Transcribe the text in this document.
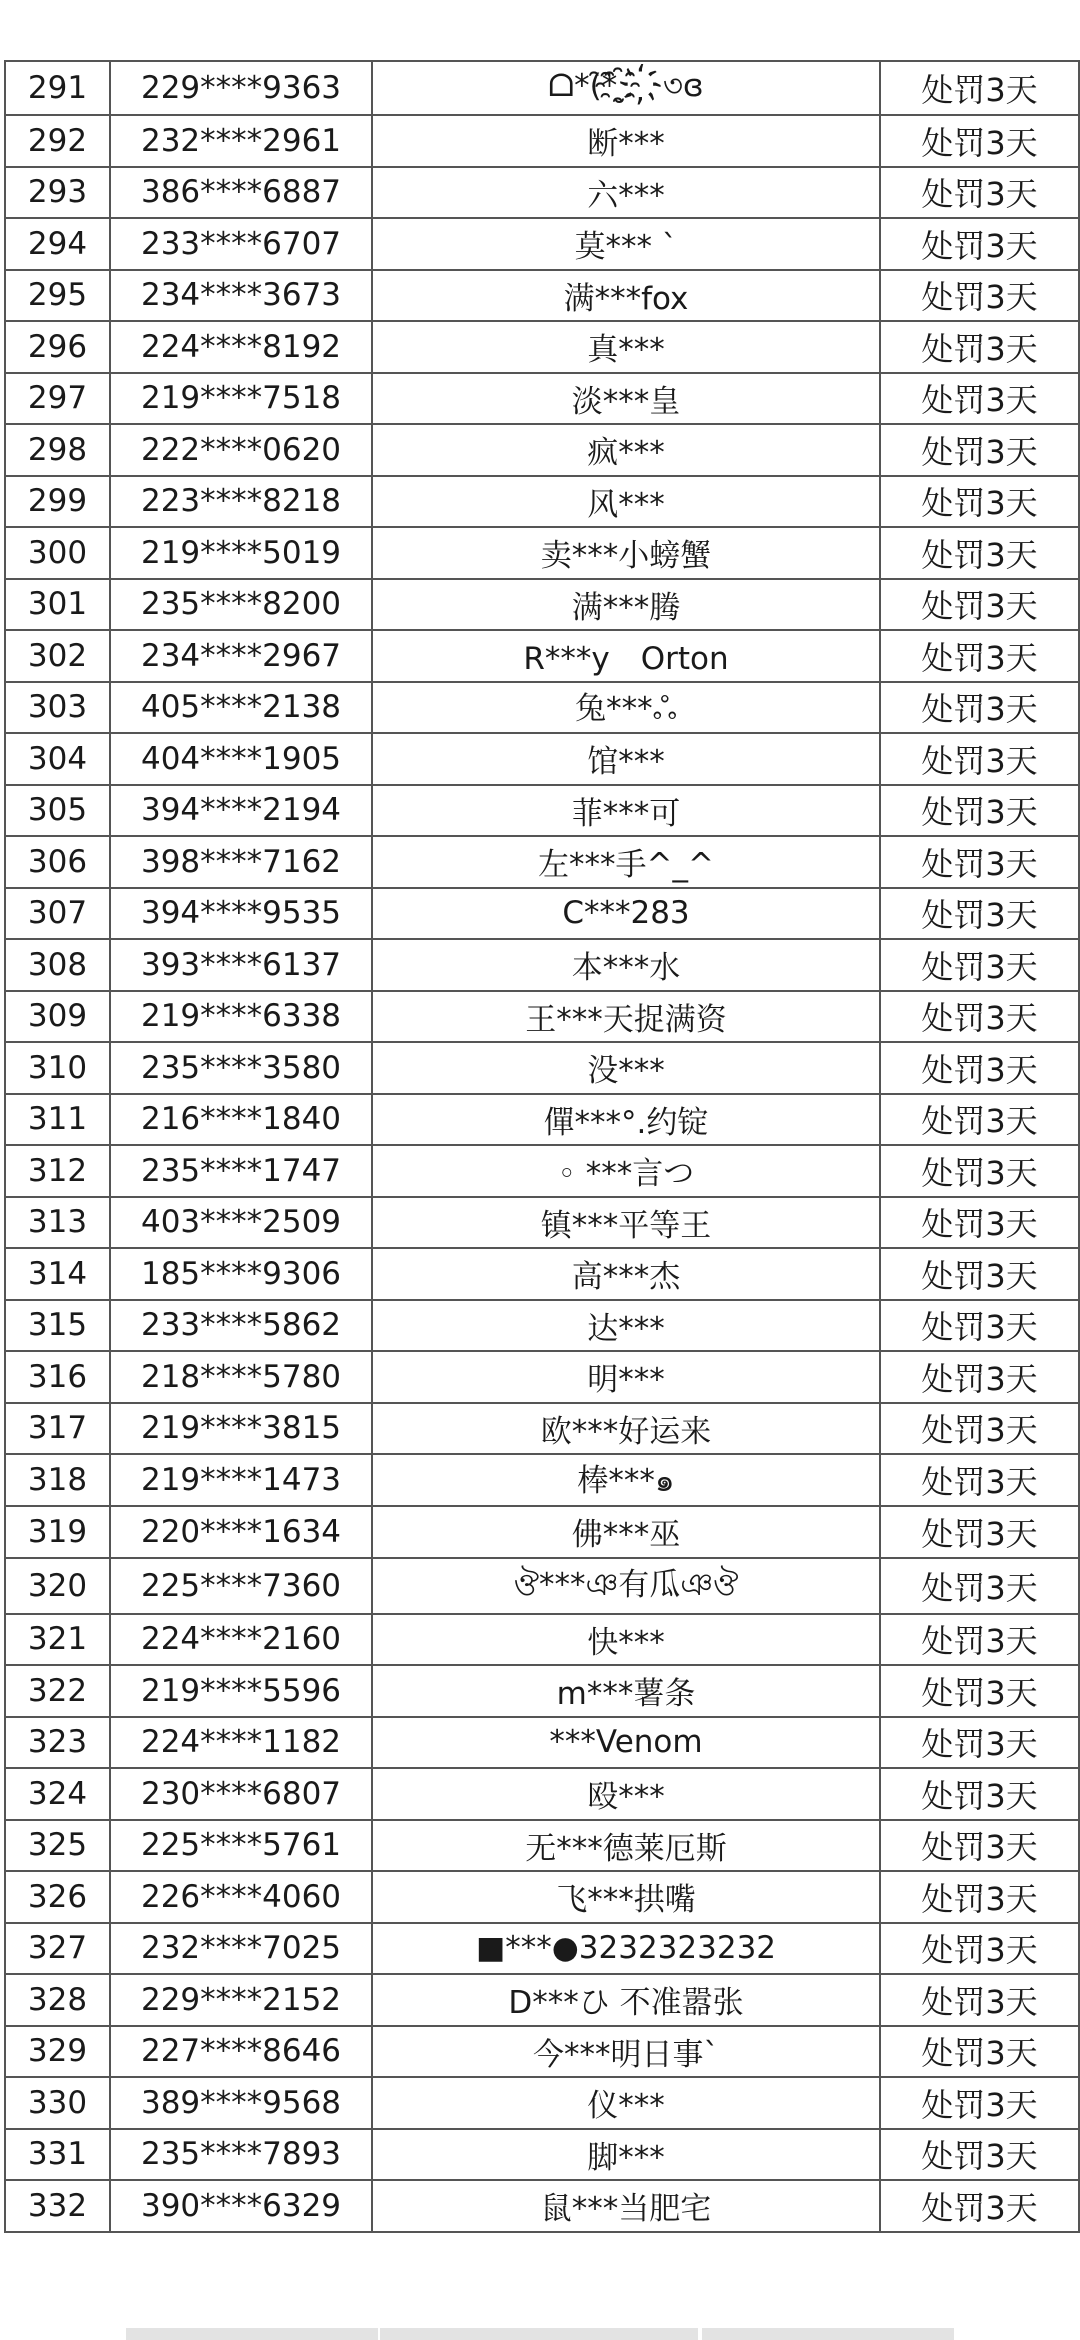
291	229****9363	ᗝ*(̑*̑ ̮҈ ҉৩ɞ	处罚3天
292	232****2961	断***	处罚3天
293	386****6887	六***	处罚3天
294	233****6707	莫*** `	处罚3天
295	234****3673	满***fox	处罚3天
296	224****8192	真***	处罚3天
297	219****7518	淡***皇	处罚3天
298	222****0620	疯***	处罚3天
299	223****8218	风***	处罚3天
300	219****5019	卖***小螃蟹	处罚3天
301	235****8200	满***腾	处罚3天
302	234****2967	R***y　Orton	处罚3天
303	405****2138	兔***ஃ	处罚3天
304	404****1905	馆***	处罚3天
305	394****2194	菲***可	处罚3天
306	398****7162	左***手^_^	处罚3天
307	394****9535	C***283	处罚3天
308	393****6137	本***水	处罚3天
309	219****6338	王***天捉满资	处罚3天
310	235****3580	没***	处罚3天
311	216****1840	僤***°.约锭	处罚3天
312	235****1747	◦ ***言つ	处罚3天
313	403****2509	镇***平等王	处罚3天
314	185****9306	高***杰	处罚3天
315	233****5862	达***	处罚3天
316	218****5780	明***	处罚3天
317	219****3815	欧***好运来	处罚3天
318	219****1473	棒***๑	处罚3天
319	220****1634	佛***巫	处罚3天
320	225****7360	ঔ***ঞ有瓜ঞঔ	处罚3天
321	224****2160	快***	处罚3天
322	219****5596	m***薯条	处罚3天
323	224****1182	***Venom	处罚3天
324	230****6807	殴***	处罚3天
325	225****5761	无***德莱厄斯	处罚3天
326	226****4060	飞***拱嘴	处罚3天
327	232****7025	■***●3232323232	处罚3天
328	229****2152	D***ひ 不准嚣张	处罚3天
329	227****8646	今***明日事`	处罚3天
330	389****9568	仪***	处罚3天
331	235****7893	脚***	处罚3天
332	390****6329	鼠***当肥宅	处罚3天
